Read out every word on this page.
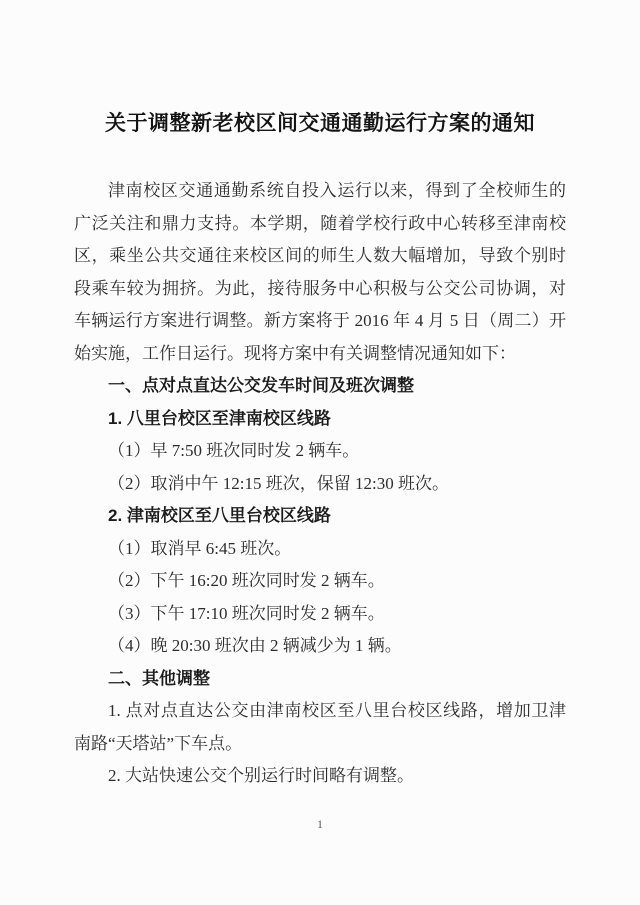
关于调整新老校区间交通通勤运行方案的通知

津南校区交通通勤系统自投入运行以来，得到了全校师生的广泛关注和鼎力支持。本学期，随着学校行政中心转移至津南校区，乘坐公共交通往来校区间的师生人数大幅增加，导致个别时段乘车较为拥挤。为此，接待服务中心积极与公交公司协调，对车辆运行方案进行调整。新方案将于 2016 年 4 月 5 日（周二）开始实施，工作日运行。现将方案中有关调整情况通知如下：

一、点对点直达公交发车时间及班次调整

1. 八里台校区至津南校区线路

（1）早 7:50 班次同时发 2 辆车。

（2）取消中午 12:15 班次，保留 12:30 班次。

2. 津南校区至八里台校区线路

（1）取消早 6:45 班次。

（2）下午 16:20 班次同时发 2 辆车。

（3）下午 17:10 班次同时发 2 辆车。

（4）晚 20:30 班次由 2 辆减少为 1 辆。

二、其他调整

1. 点对点直达公交由津南校区至八里台校区线路，增加卫津南路“天塔站”下车点。

2. 大站快速公交个别运行时间略有调整。

1
